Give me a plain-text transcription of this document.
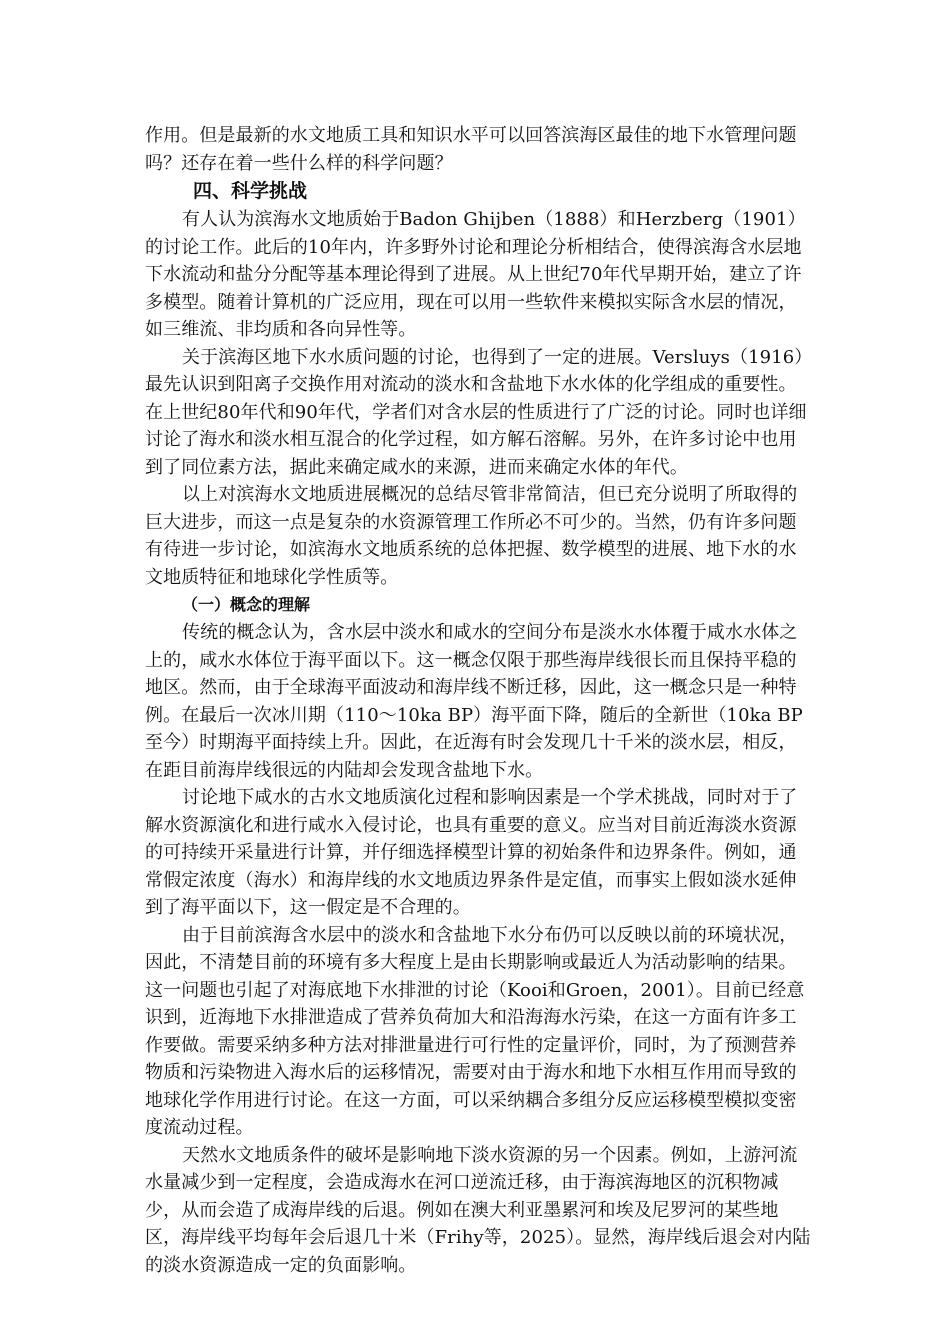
作用。但是最新的水文地质工具和知识水平可以回答滨海区最佳的地下水管理问题吗？还存在着一些什么样的科学问题？

四、科学挑战

有人认为滨海水文地质始于Badon Ghijben（1888）和Herzberg（1901）的讨论工作。此后的10年内，许多野外讨论和理论分析相结合，使得滨海含水层地下水流动和盐分分配等基本理论得到了进展。从上世纪70年代早期开始，建立了许多模型。随着计算机的广泛应用，现在可以用一些软件来模拟实际含水层的情况，如三维流、非均质和各向异性等。

关于滨海区地下水水质问题的讨论，也得到了一定的进展。Versluys（1916）最先认识到阳离子交换作用对流动的淡水和含盐地下水水体的化学组成的重要性。在上世纪80年代和90年代，学者们对含水层的性质进行了广泛的讨论。同时也详细讨论了海水和淡水相互混合的化学过程，如方解石溶解。另外，在许多讨论中也用到了同位素方法，据此来确定咸水的来源，进而来确定水体的年代。

以上对滨海水文地质进展概况的总结尽管非常简洁，但已充分说明了所取得的巨大进步，而这一点是复杂的水资源管理工作所必不可少的。当然，仍有许多问题有待进一步讨论，如滨海水文地质系统的总体把握、数学模型的进展、地下水的水文地质特征和地球化学性质等。

（一）概念的理解

传统的概念认为，含水层中淡水和咸水的空间分布是淡水水体覆于咸水水体之上的，咸水水体位于海平面以下。这一概念仅限于那些海岸线很长而且保持平稳的地区。然而，由于全球海平面波动和海岸线不断迁移，因此，这一概念只是一种特例。在最后一次冰川期（110～10ka BP）海平面下降，随后的全新世（10ka BP至今）时期海平面持续上升。因此，在近海有时会发现几十千米的淡水层，相反，在距目前海岸线很远的内陆却会发现含盐地下水。

讨论地下咸水的古水文地质演化过程和影响因素是一个学术挑战，同时对于了解水资源演化和进行咸水入侵讨论，也具有重要的意义。应当对目前近海淡水资源的可持续开采量进行计算，并仔细选择模型计算的初始条件和边界条件。例如，通常假定浓度（海水）和海岸线的水文地质边界条件是定值，而事实上假如淡水延伸到了海平面以下，这一假定是不合理的。

由于目前滨海含水层中的淡水和含盐地下水分布仍可以反映以前的环境状况，因此，不清楚目前的环境有多大程度上是由长期影响或最近人为活动影响的结果。这一问题也引起了对海底地下水排泄的讨论（Kooi和Groen，2001）。目前已经意识到，近海地下水排泄造成了营养负荷加大和沿海海水污染，在这一方面有许多工作要做。需要采纳多种方法对排泄量进行可行性的定量评价，同时，为了预测营养物质和污染物进入海水后的运移情况，需要对由于海水和地下水相互作用而导致的地球化学作用进行讨论。在这一方面，可以采纳耦合多组分反应运移模型模拟变密度流动过程。

天然水文地质条件的破坏是影响地下淡水资源的另一个因素。例如，上游河流水量减少到一定程度，会造成海水在河口逆流迁移，由于海滨海地区的沉积物减少，从而会造了成海岸线的后退。例如在澳大利亚墨累河和埃及尼罗河的某些地区，海岸线平均每年会后退几十米（Frihy等，2025）。显然，海岸线后退会对内陆的淡水资源造成一定的负面影响。
